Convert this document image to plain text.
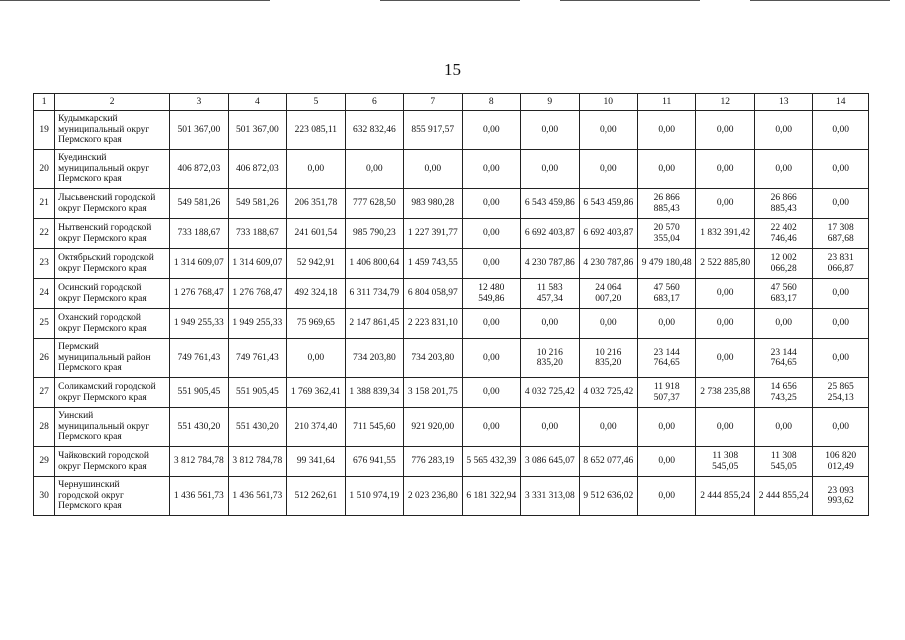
15
1	2	3	4	5	6	7	8	9	10	11	12	13	14
19	Кудымкарский
муниципальный округ
Пермского края	501 367,00	501 367,00	223 085,11	632 832,46	855 917,57	0,00	0,00	0,00	0,00	0,00	0,00	0,00
20	Куединский
муниципальный округ
Пермского края	406 872,03	406 872,03	0,00	0,00	0,00	0,00	0,00	0,00	0,00	0,00	0,00	0,00
21	Лысьвенский городской
округ Пермского края	549 581,26	549 581,26	206 351,78	777 628,50	983 980,28	0,00	6 543 459,86	6 543 459,86	26 866
885,43	0,00	26 866
885,43	0,00
22	Нытвенский городской
округ Пермского края	733 188,67	733 188,67	241 601,54	985 790,23	1 227 391,77	0,00	6 692 403,87	6 692 403,87	20 570
355,04	1 832 391,42	22 402
746,46	17 308
687,68
23	Октябрьский городской
округ Пермского края	1 314 609,07	1 314 609,07	52 942,91	1 406 800,64	1 459 743,55	0,00	4 230 787,86	4 230 787,86	9 479 180,48	2 522 885,80	12 002
066,28	23 831
066,87
24	Осинский городской
округ Пермского края	1 276 768,47	1 276 768,47	492 324,18	6 311 734,79	6 804 058,97	12 480
549,86	11 583
457,34	24 064
007,20	47 560
683,17	0,00	47 560
683,17	0,00
25	Оханский городской
округ Пермского края	1 949 255,33	1 949 255,33	75 969,65	2 147 861,45	2 223 831,10	0,00	0,00	0,00	0,00	0,00	0,00	0,00
26	Пермский
муниципальный район
Пермского края	749 761,43	749 761,43	0,00	734 203,80	734 203,80	0,00	10 216
835,20	10 216
835,20	23 144
764,65	0,00	23 144
764,65	0,00
27	Соликамский городской
округ Пермского края	551 905,45	551 905,45	1 769 362,41	1 388 839,34	3 158 201,75	0,00	4 032 725,42	4 032 725,42	11 918
507,37	2 738 235,88	14 656
743,25	25 865
254,13
28	Уинский
муниципальный округ
Пермского края	551 430,20	551 430,20	210 374,40	711 545,60	921 920,00	0,00	0,00	0,00	0,00	0,00	0,00	0,00
29	Чайковский городской
округ Пермского края	3 812 784,78	3 812 784,78	99 341,64	676 941,55	776 283,19	5 565 432,39	3 086 645,07	8 652 077,46	0,00	11 308
545,05	11 308
545,05	106 820
012,49
30	Чернушинский
городской округ
Пермского края	1 436 561,73	1 436 561,73	512 262,61	1 510 974,19	2 023 236,80	6 181 322,94	3 331 313,08	9 512 636,02	0,00	2 444 855,24	2 444 855,24	23 093
993,62
